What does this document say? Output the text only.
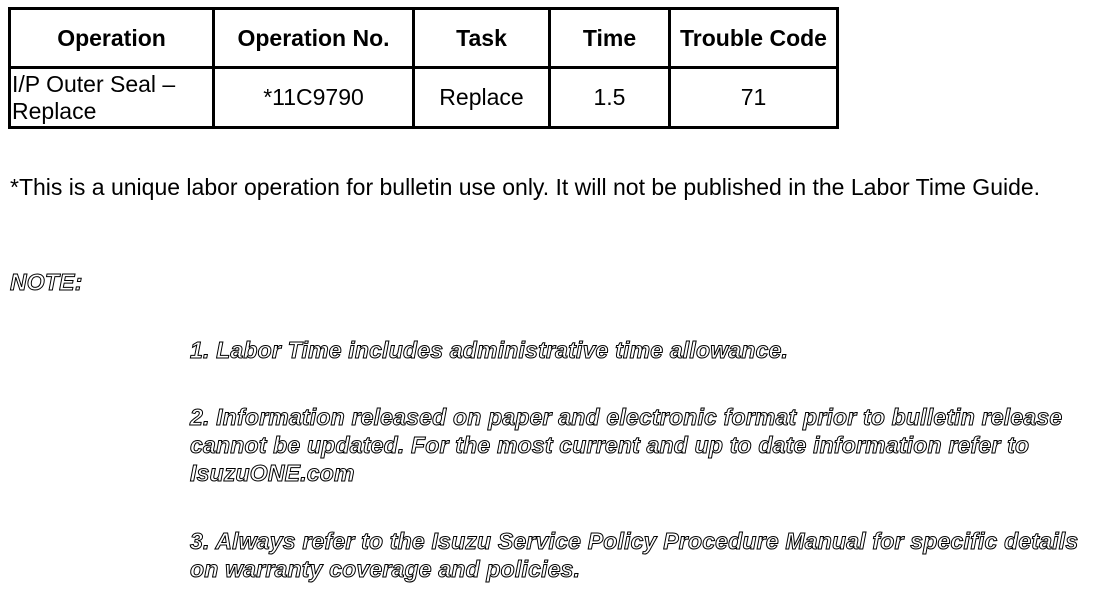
Operation	Operation No.	Task	Time	Trouble Code
I/P Outer Seal – Replace	*11C9790	Replace	1.5	71

*This is a unique labor operation for bulletin use only. It will not be published in the Labor Time Guide.

NOTE:

1. Labor Time includes administrative time allowance.

2. Information released on paper and electronic format prior to bulletin release cannot be updated. For the most current and up to date information refer to IsuzuONE.com

3. Always refer to the Isuzu Service Policy Procedure Manual for specific details on warranty coverage and policies.
